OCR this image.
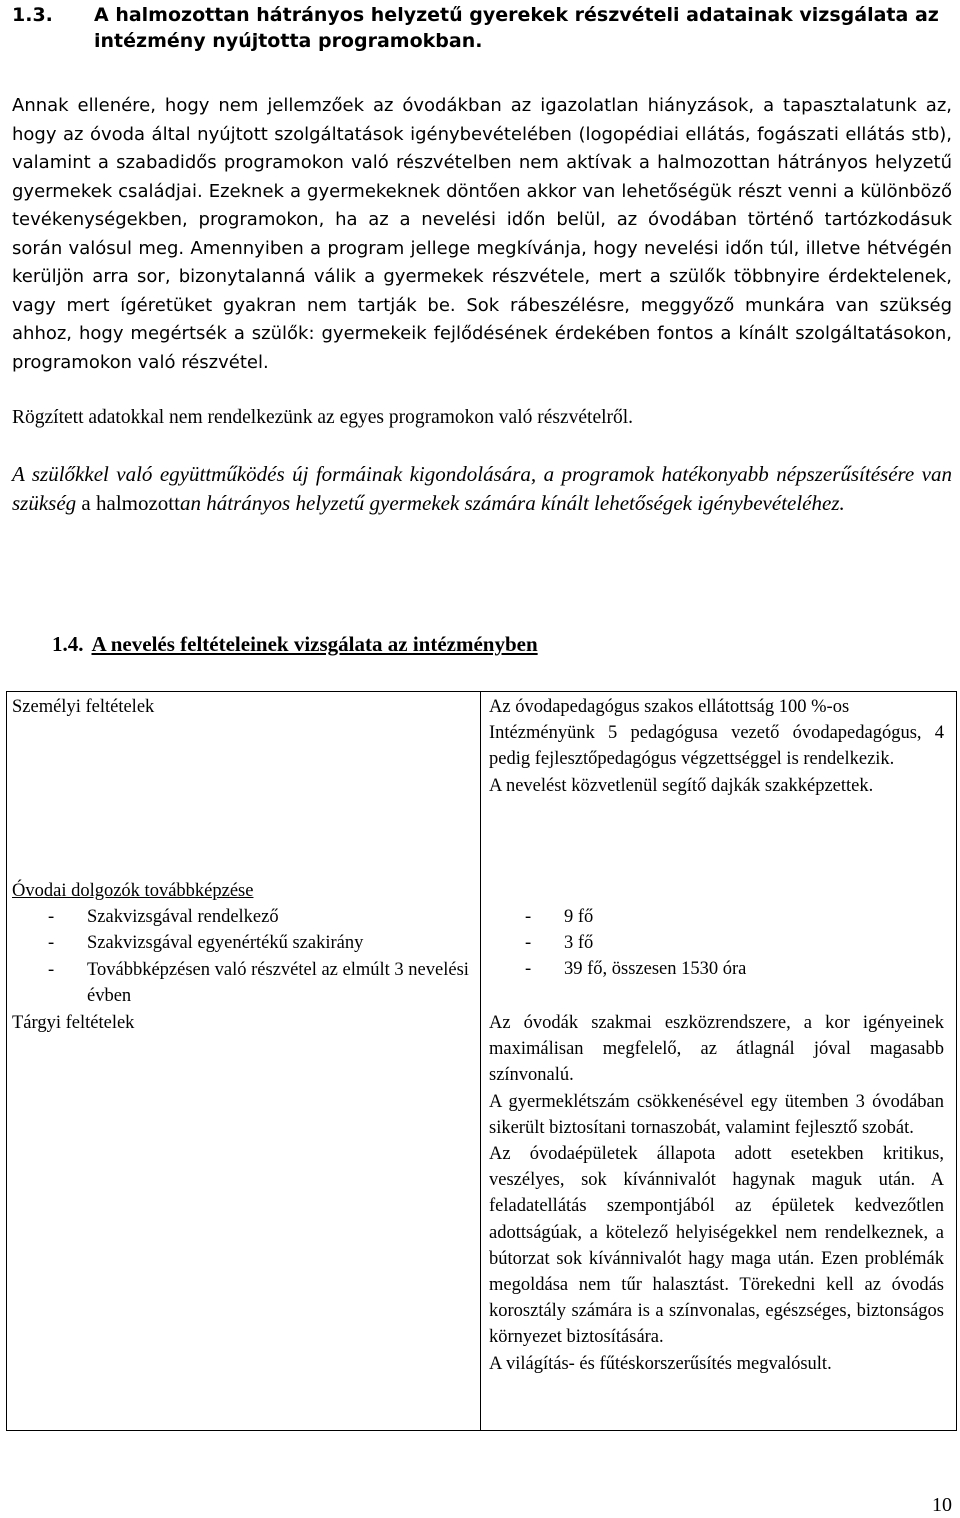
1.3. A halmozottan hátrányos helyzetű gyerekek részvételi adatainak vizsgálata az intézmény nyújtotta programokban.

Annak ellenére, hogy nem jellemzőek az óvodákban az igazolatlan hiányzások, a tapasztalatunk az, hogy az óvoda által nyújtott szolgáltatások igénybevételében (logopédiai ellátás, fogászati ellátás stb), valamint a szabadidős programokon való részvételben nem aktívak a halmozottan hátrányos helyzetű gyermekek családjai. Ezeknek a gyermekeknek döntően akkor van lehetőségük részt venni a különböző tevékenységekben, programokon, ha az a nevelési időn belül, az óvodában történő tartózkodásuk során valósul meg. Amennyiben a program jellege megkívánja, hogy nevelési időn túl, illetve hétvégén kerüljön arra sor, bizonytalanná válik a gyermekek részvétele, mert a szülők többnyire érdektelenek, vagy mert ígéretüket gyakran nem tartják be. Sok rábeszélésre, meggyőző munkára van szükség ahhoz, hogy megértsék a szülők: gyermekeik fejlődésének érdekében fontos a kínált szolgáltatásokon, programokon való részvétel.

Rögzített adatokkal nem rendelkezünk az egyes programokon való részvételről.

A szülőkkel való együttműködés új formáinak kigondolására, a programok hatékonyabb népszerűsítésére van szükség a halmozottan hátrányos helyzetű gyermekek számára kínált lehetőségek igénybevételéhez.

1.4. A nevelés feltételeinek vizsgálata az intézményben

Személyi feltételek	Az óvodapedagógus szakos ellátottság 100 %-os

Intézményünk 5 pedagógusa vezető óvodapedagógus, 4 pedig fejlesztőpedagógus végzettséggel is rendelkezik.

A nevelést közvetlenül segítő dajkák szakképzettek.

Óvodai dolgozók továbbképzése

- Szakvizsgával rendelkező
- Szakvizsgával egyenértékű szakirány
- Továbbképzésen való részvétel az elmúlt 3 nevelési évben
- 9 fő
- 3 fő
- 39 fő, összesen 1530 óra

Tárgyi feltételek	Az óvodák szakmai eszközrendszere, a kor igényeinek maximálisan megfelelő, az átlagnál jóval magasabb színvonalú.

A gyermeklétszám csökkenésével egy ütemben 3 óvodában sikerült biztosítani tornaszobát, valamint fejlesztő szobát.

Az óvodaépületek állapota adott esetekben kritikus, veszélyes, sok kívánnivalót hagynak maguk után. A feladatellátás szempontjából az épületek kedvezőtlen adottságúak, a kötelező helyiségekkel nem rendelkeznek, a bútorzat sok kívánnivalót hagy maga után. Ezen problémák megoldása nem tűr halasztást. Törekedni kell az óvodás korosztály számára is a színvonalas, egészséges, biztonságos környezet biztosítására.

A világítás- és fűtéskorszerűsítés megvalósult.

10
